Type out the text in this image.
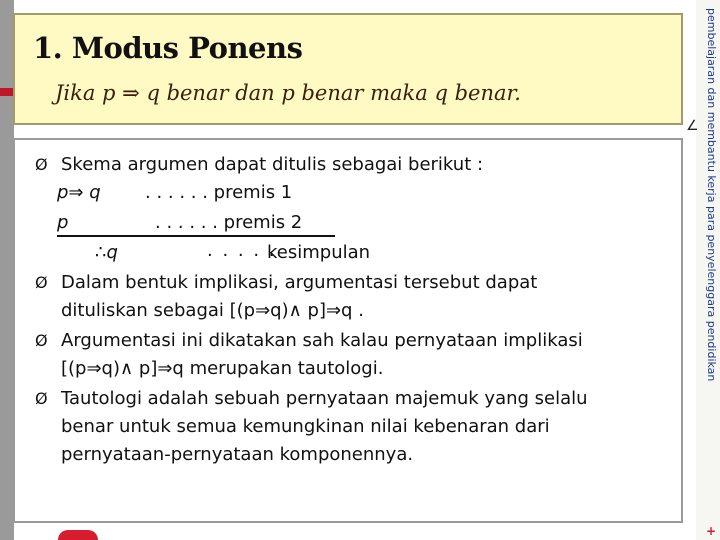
pembelajaran dan membantu kerja para penyelenggara pendidikan
∠
+
1. Modus Ponens

Jika p ⇒ q benar dan p benar maka q benar.

Ø Skema argumen dapat ditulis sebagai berikut :
p⇒ q . . . . . . premis 1
p	. . . . . . premis 2
∴q	. . . . .
kesimpulan
Ø Dalam bentuk implikasi, argumentasi tersebut dapat
dituliskan sebagai [(p⇒q)∧ p]⇒q .
Ø Argumentasi ini dikatakan sah kalau pernyataan implikasi
[(p⇒q)∧ p]⇒q merupakan tautologi.
Ø Tautologi adalah sebuah pernyataan majemuk yang selalu
benar untuk semua kemungkinan nilai kebenaran dari
pernyataan-pernyataan komponennya.
